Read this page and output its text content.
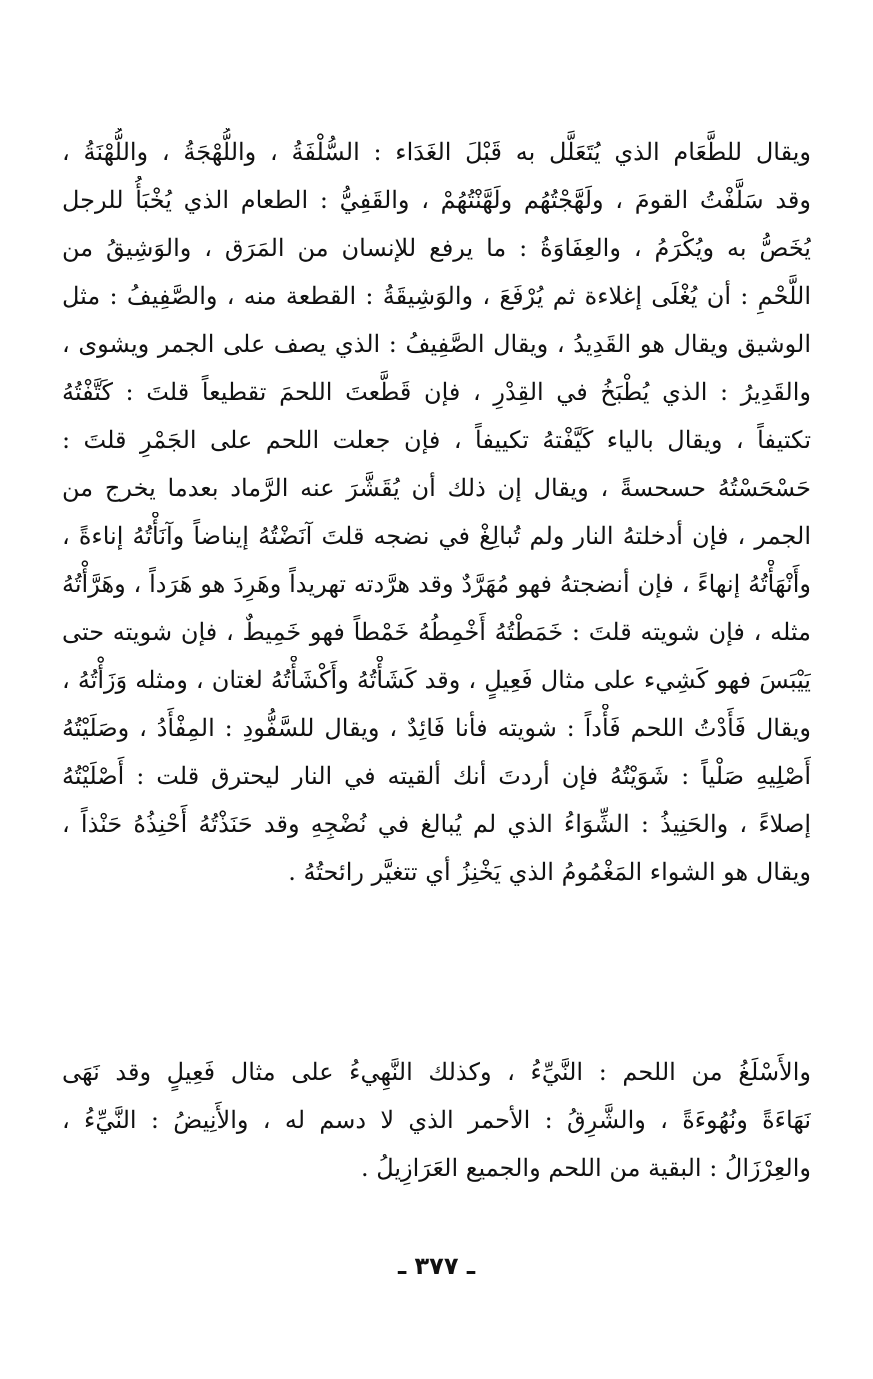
ويقال للطَّعَام الذي يُتَعَلَّل به قَبْلَ الغَدَاء : السُّلْفَةُ ، واللُّهْجَةُ ، واللُّهْنَةُ ،
وقد سَلَّفْتُ القومَ ، ولَهَّجْتُهُم ولَهَّنْتُهُمْ ، والقَفِيُّ : الطعام الذي يُخْبَأُ للرجل
يُخَصُّ به ويُكْرَمُ ، والعِفَاوَةُ : ما يرفع للإنسان من المَرَق ، والوَشِيقُ من
اللَّحْمِ : أن يُغْلَى إغلاءة ثم يُرْفَعَ ، والوَشِيقَةُ : القطعة منه ، والصَّفِيفُ : مثل
الوشيق ويقال هو القَدِيدُ ، ويقال الصَّفِيفُ : الذي يصف على الجمر ويشوى ،
والقَدِيرُ : الذي يُطْبَخُ في القِدْرِ ، فإن قَطَّعتَ اللحمَ تقطيعاً قلتَ : كَتَّفْتُهُ
تكتيفاً ، ويقال بالياء كَيَّفْتهُ تكييفاً ، فإن جعلت اللحم على الجَمْرِ قلتَ :
حَسْحَسْتُهُ حسحسةً ، ويقال إن ذلك أن يُقَشَّرَ عنه الرَّماد بعدما يخرج من
الجمر ، فإن أدخلتهُ النار ولم تُبالِغْ في نضجه قلتَ آنَضْتُهُ إيناضاً وآنَأْتُهُ إناءةً ،
وأَنْهَأْتُهُ إنهاءً ، فإن أنضجتهُ فهو مُهَرَّدٌ وقد هرَّدته تهريداً وهَرِدَ هو هَرَداً ، وهَرَّأْتُهُ
مثله ، فإن شويته قلتَ : خَمَطْتُهُ أَخْمِطُهُ خَمْطاً فهو خَمِيطٌ ، فإن شويته حتى
يَيْبَسَ فهو كَشِيء على مثال فَعِيلٍ ، وقد كَشَأْتُهُ وأَكْشَأْتُهُ لغتان ، ومثله وَزَأْتُهُ ،
ويقال فَأَدْتُ اللحم فَأْداً : شويته فأنا فَائِدٌ ، ويقال للسَّفُّودِ : المِفْأَدُ ، وصَلَيْتُهُ
أَصْلِيهِ صَلْياً : شَوَيْتُهُ فإن أردتَ أنك ألقيته في النار ليحترق قلت : أَصْلَيْتُهُ
إصلاءً ، والحَنِيذُ : الشِّوَاءُ الذي لم يُبالغ في نُضْجِهِ وقد حَنَذْتُهُ أَحْنِذُهُ حَنْذاً ،
ويقال هو الشواء المَغْمُومُ الذي يَخْنِزُ أي تتغيَّر رائحتُهُ .
والأَسْلَغُ من اللحم : النَّيِّءُ ، وكذلك النَّهِيءُ على مثال فَعِيلٍ وقد نَهَى
نَهَاءَةً ونُهُوءَةً ، والشَّرِقُ : الأحمر الذي لا دسم له ، والأَنِيضُ : النَّيِّءُ ،
والعِرْزَالُ : البقية من اللحم والجميع العَرَازِيلُ .
ـ ٣٧٧ ـ
